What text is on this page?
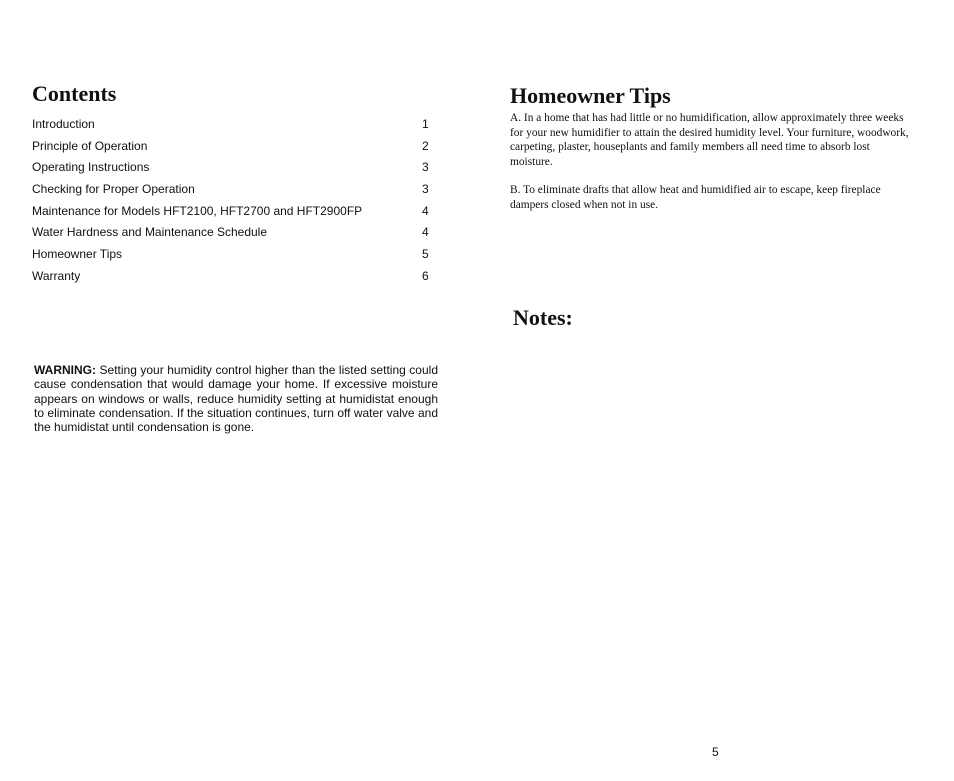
Contents
Introduction	1
Principle of Operation	2
Operating Instructions	3
Checking for Proper Operation	3
Maintenance for Models HFT2100, HFT2700 and HFT2900FP	4
Water Hardness and Maintenance Schedule	4
Homeowner Tips	5
Warranty	6

WARNING: Setting your humidity control higher than the listed setting could cause condensation that would damage your home. If excessive moisture appears on windows or walls, reduce humidity setting at humidistat enough to eliminate condensation. If the situation continues, turn off water valve and the humidistat until condensation is gone.

Homeowner Tips

A. In a home that has had little or no humidification, allow approximately three weeks for your new humidifier to attain the desired humidity level. Your furniture, woodwork, carpeting, plaster, houseplants and family members all need time to absorb lost moisture.

B. To eliminate drafts that allow heat and humidified air to escape, keep fireplace dampers closed when not in use.

Notes:
5
